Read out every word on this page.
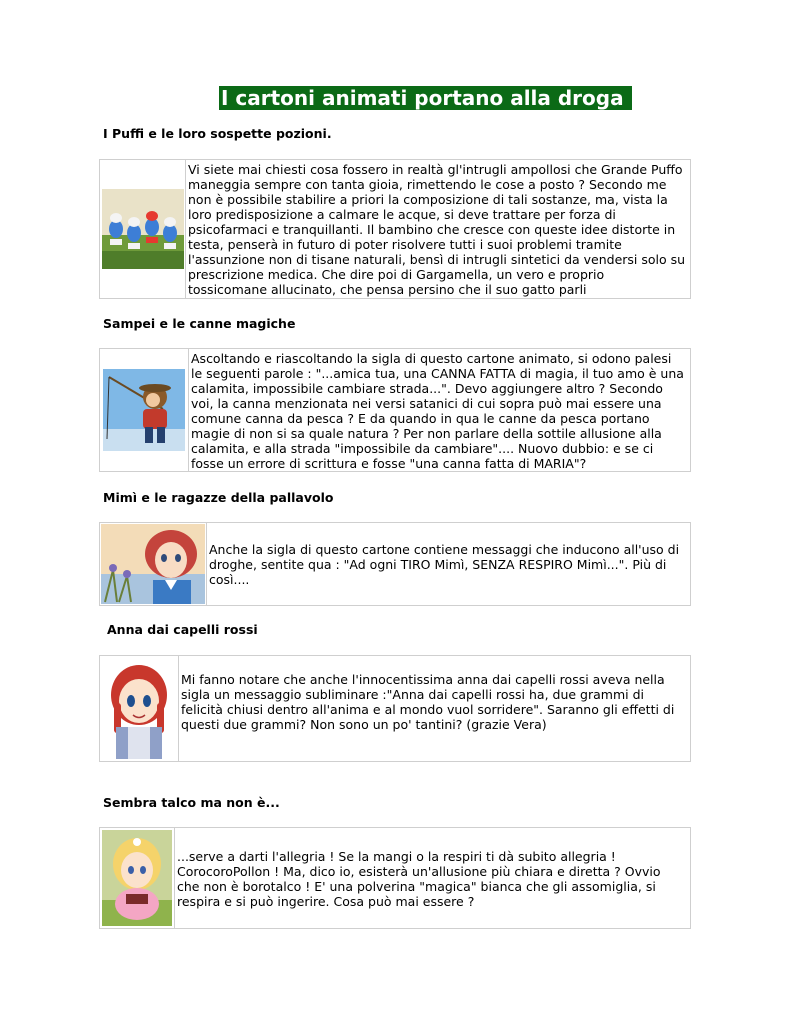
I cartoni animati portano alla droga
I Puffi e le loro sospette pozioni.

Vi siete mai chiesti cosa fossero in realtà gl'intrugli ampollosi che Grande Puffo maneggia sempre con tanta gioia, rimettendo le cose a posto ? Secondo me non è possibile stabilire a priori la composizione di tali sostanze, ma, vista la loro predisposizione a calmare le acque, si deve trattare per forza di psicofarmaci e tranquillanti. Il bambino che cresce con queste idee distorte in testa, penserà in futuro di poter risolvere tutti i suoi problemi tramite l'assunzione non di tisane naturali, bensì di intrugli sintetici da vendersi solo su prescrizione medica. Che dire poi di Gargamella, un vero e proprio tossicomane allucinato, che pensa persino che il suo gatto parli

Sampei e le canne magiche

Ascoltando e riascoltando la sigla di questo cartone animato, si odono palesi le seguenti parole : "...amica tua, una CANNA FATTA di magia, il tuo amo è una calamita, impossibile cambiare strada...". Devo aggiungere altro ? Secondo voi, la canna menzionata nei versi satanici di cui sopra può mai essere una comune canna da pesca ? E da quando in qua le canne da pesca portano magie di non si sa quale natura ? Per non parlare della sottile allusione alla calamita, e alla strada "impossibile da cambiare".... Nuovo dubbio: e se ci fosse un errore di scrittura e fosse "una canna fatta di MARIA"?

Mimì e le ragazze della pallavolo

Anche la sigla di questo cartone contiene messaggi che inducono all'uso di droghe, sentite qua : "Ad ogni TIRO Mimì, SENZA RESPIRO Mimì...". Più di così....

Anna dai capelli rossi

Mi fanno notare che anche l'innocentissima anna dai capelli rossi aveva nella sigla un messaggio subliminare :"Anna dai capelli rossi ha, due grammi di felicità chiusi dentro all'anima e al mondo vuol sorridere". Saranno gli effetti di questi due grammi? Non sono un po' tantini? (grazie Vera)

Sembra talco ma non è...

...serve a darti l'allegria ! Se la mangi o la respiri ti dà subito allegria ! CorocoroPollon ! Ma, dico io, esisterà un'allusione più chiara e diretta ? Ovvio che non è borotalco ! E' una polverina "magica" bianca che gli assomiglia, si respira e si può ingerire. Cosa può mai essere ?
